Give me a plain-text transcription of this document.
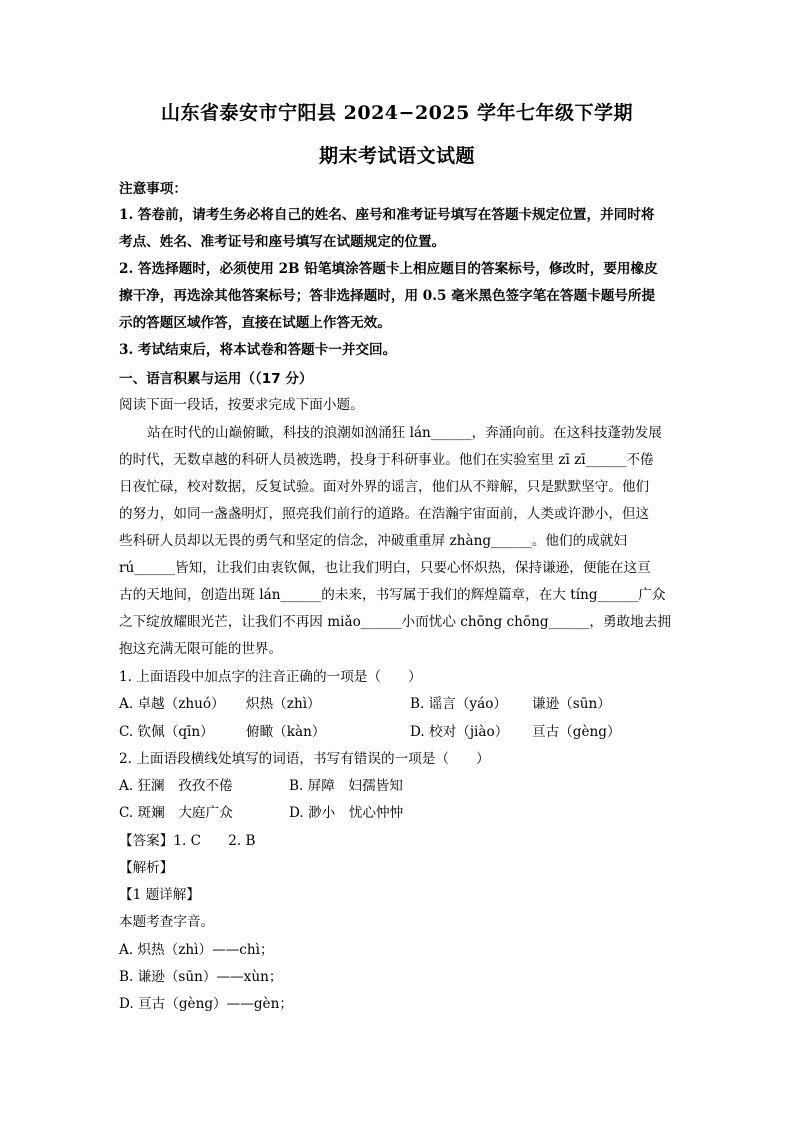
山东省泰安市宁阳县 2024−2025 学年七年级下学期
期末考试语文试题
注意事项：
1. 答卷前，请考生务必将自己的姓名、座号和准考证号填写在答题卡规定位置，并同时将
考点、姓名、准考证号和座号填写在试题规定的位置。
2. 答选择题时，必须使用 2B 铅笔填涂答题卡上相应题目的答案标号，修改时，要用橡皮
擦干净，再选涂其他答案标号；答非选择题时，用 0.5 毫米黑色签字笔在答题卡题号所提
示的答题区域作答，直接在试题上作答无效。
3. 考试结束后，将本试卷和答题卡一并交回。
一、语言积累与运用（（17 分）
阅读下面一段话，按要求完成下面小题。
站在时代的山巅俯瞰，科技的浪潮如汹涌狂 lán______，奔涌向前。在这科技蓬勃发展
的时代，无数卓越的科研人员被选聘，投身于科研事业。他们在实验室里 zī zī______不倦
日夜忙碌，校对数据，反复试验。面对外界的谣言，他们从不辩解，只是默默坚守。他们
的努力，如同一盏盏明灯，照亮我们前行的道路。在浩瀚宇宙面前，人类或许渺小，但这
些科研人员却以无畏的勇气和坚定的信念，冲破重重屏 zhàng______。他们的成就妇
rú______皆知，让我们由衷钦佩，也让我们明白，只要心怀炽热，保持谦逊，便能在这亘
古的天地间，创造出斑 lán______的未来，书写属于我们的辉煌篇章，在大 tíng______广众
之下绽放耀眼光芒，让我们不再因 miǎo______小而忧心 chōng chōng______，勇敢地去拥
抱这充满无限可能的世界。
1. 上面语段中加点字的注音正确的一项是（　　）
A. 卓越（zhuó） 炽热（zhì）	B. 谣言（yáo） 谦逊（sūn）
C. 钦佩（qīn） 俯瞰（kàn）	D. 校对（jiào） 亘古（gèng）
2. 上面语段横线处填写的词语，书写有错误的一项是（　　）
A. 狂澜　孜孜不倦	B. 屏障　妇孺皆知
C. 斑斓　大庭广众	D. 渺小　忧心忡忡
【答案】1. C　　2. B
【解析】
【1 题详解】
本题考查字音。
A. 炽热（zhì）——chì；
B. 谦逊（sūn）——xùn；
D. 亘古（gèng）——gèn；
